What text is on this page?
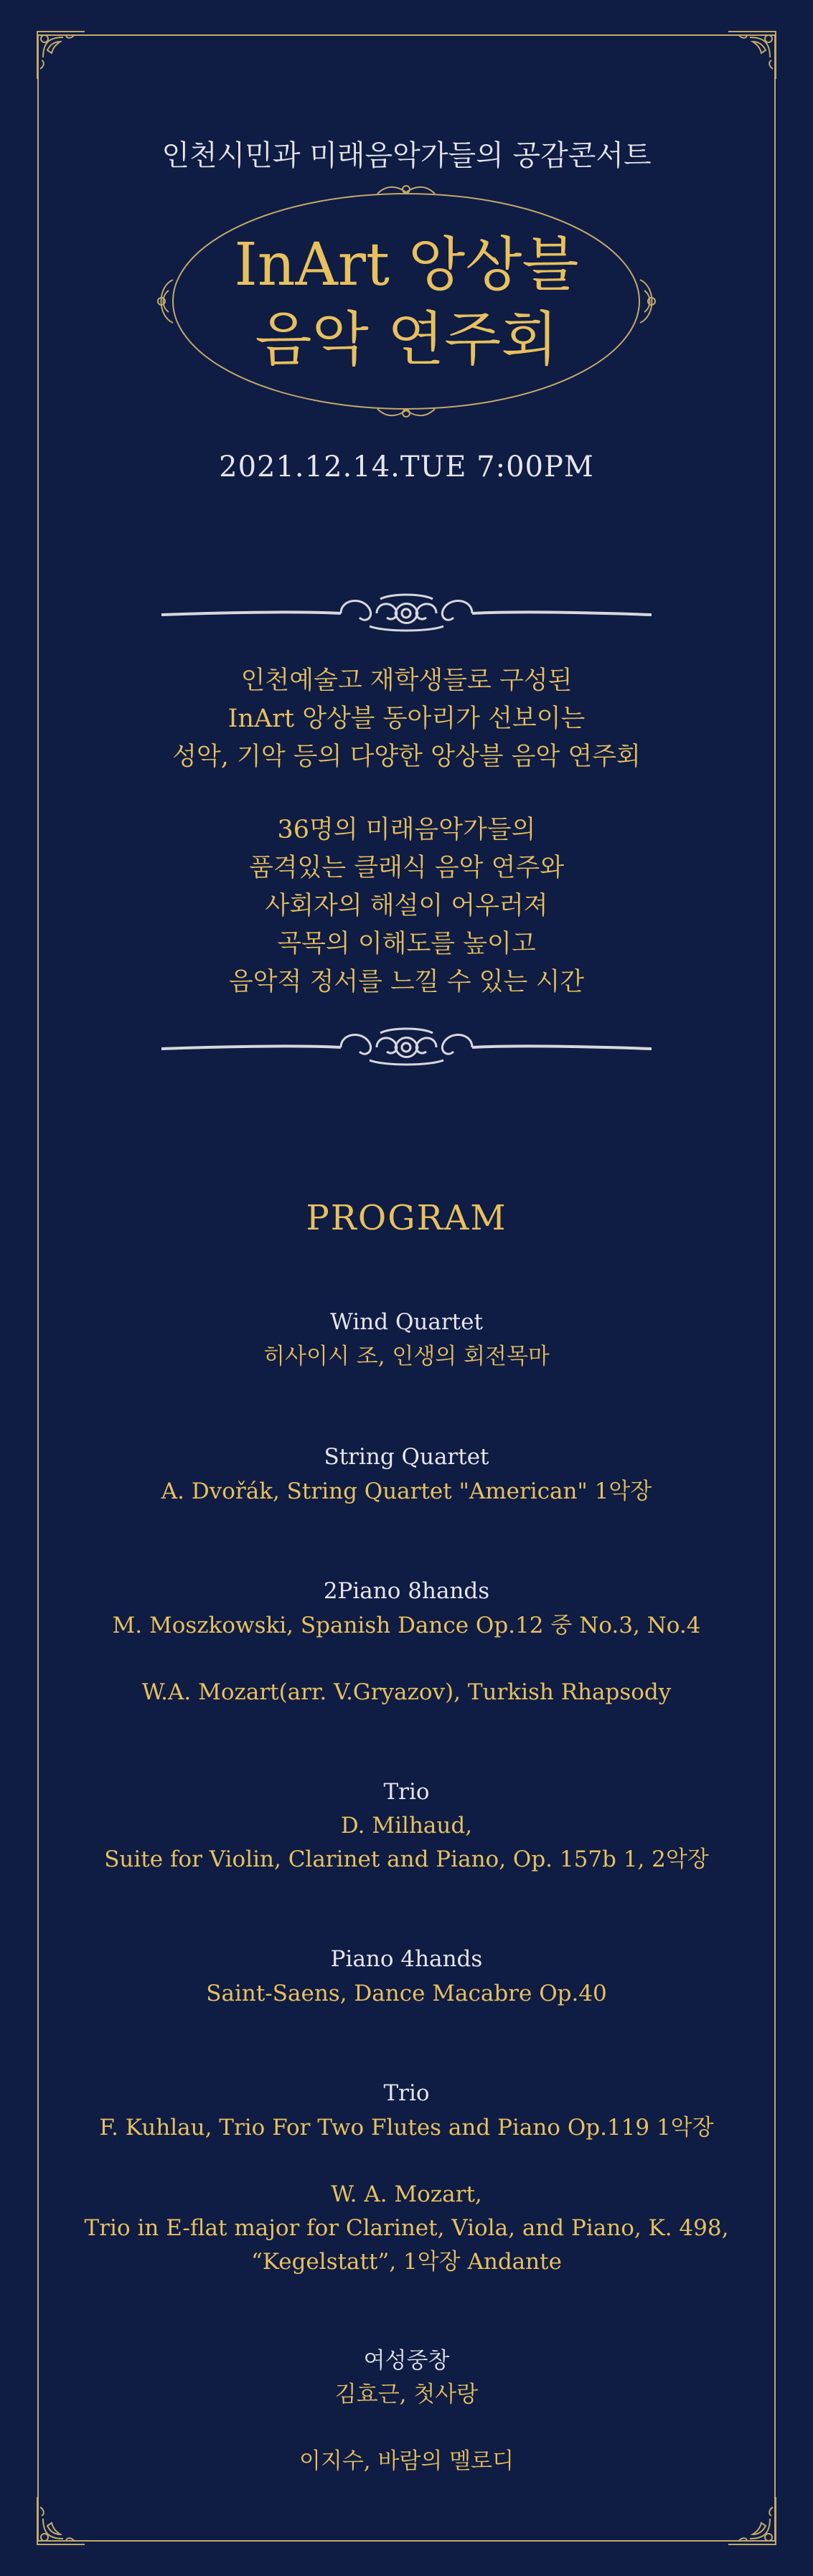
인천시민과 미래음악가들의 공감콘서트
InArt 앙상블
음악 연주회
2021.12.14.TUE 7:00PM
인천예술고 재학생들로 구성된
InArt 앙상블 동아리가 선보이는
성악, 기악 등의 다양한 앙상블 음악 연주회
36명의 미래음악가들의
품격있는 클래식 음악 연주와
사회자의 해설이 어우러져
곡목의 이해도를 높이고
음악적 정서를 느낄 수 있는 시간
PROGRAM
Wind Quartet
히사이시 조, 인생의 회전목마
String Quartet
A. Dvořák, String Quartet "American" 1악장
2Piano 8hands
M. Moszkowski, Spanish Dance Op.12 중 No.3, No.4
W.A. Mozart(arr. V.Gryazov), Turkish Rhapsody
Trio
D. Milhaud,
Suite for Violin, Clarinet and Piano, Op. 157b 1, 2악장
Piano 4hands
Saint-Saens, Dance Macabre Op.40
Trio
F. Kuhlau, Trio For Two Flutes and Piano Op.119 1악장
W. A. Mozart,
Trio in E-flat major for Clarinet, Viola, and Piano, K. 498,
“Kegelstatt”, 1악장 Andante
여성중창
김효근, 첫사랑
이지수, 바람의 멜로디
